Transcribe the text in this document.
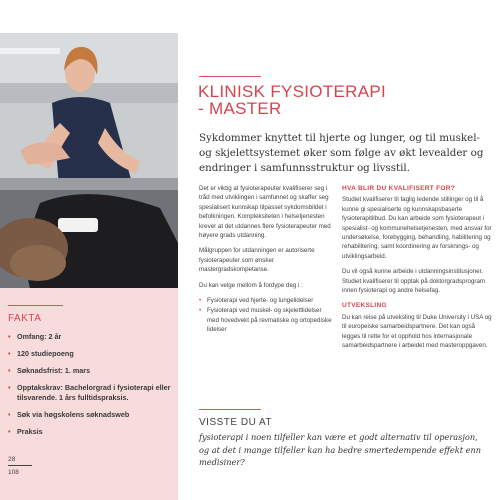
FAKTA
• Omfang: 2 år
• 120 studiepoeng
• Søknadsfrist: 1. mars
• Opptakskrav: Bachelorgrad i fysioterapi eller tilsvarende. 1 års fulltidspraksis.
• Søk via høgskolens søknadsweb
• Praksis
28
108
KLINISK FYSIOTERAPI
- MASTER

Sykdommer knyttet til hjerte og lunger, og til muskel- og skjelettsystemet øker som følge av økt levealder og endringer i samfunnsstruktur og livsstil.

Det er viktig at fysioterapeuter kvalifiserer seg i tråd med utviklingen i samfunnet og skaffer seg spesialisert kunnskap tilpasset sykdomsbildet i befolkningen. Kompleksiteten i helsetjenesten krever at det utdannes flere fysioterapeuter med høyere grads utdanning.

Målgruppen for utdanningen er autoriserte fysioterapeuter som ønsker mastergradskompetanse.

Du kan velge mellom å fordype deg i :

• Fysioterapi ved hjerte- og lungelidelser
• Fysioterapi ved muskel- og skjelettlidelser med hovedvekt på revmatiske og ortopediske lidelser
HVA BLIR DU KVALIFISERT FOR?

Studiet kvalifiserer til faglig ledende stillinger og til å kunne gi spesialiserte og kunnskapsbaserte fysioterapitilbud. Du kan arbeide som fysioterapeut i spesialist- og kommunehelsetjenesten, med ansvar for undersøkelse, forebygging, behandling, habilitering og rehabilitering, samt koordinering av forsknings- og utviklingsarbeid.

Du vil også kunne arbeide i utdanningsinstitusjoner. Studiet kvalifiserer til opptak på doktorgradsprogram innen fysioterapi og andre helsefag.

UTVEKSLING

Du kan reise på utveksling til Duke University i USA og til europeiske samarbeidspartnere. Det kan også legges til rette for et opphold hos internasjonale samarbeidspartnere i arbeidet med masteroppgaven.

VISSTE DU AT

fysioterapi i noen tilfeller kan være et godt alternativ til operasjon, og at det i mange tilfeller kan ha bedre smertedempende effekt enn medisiner?
